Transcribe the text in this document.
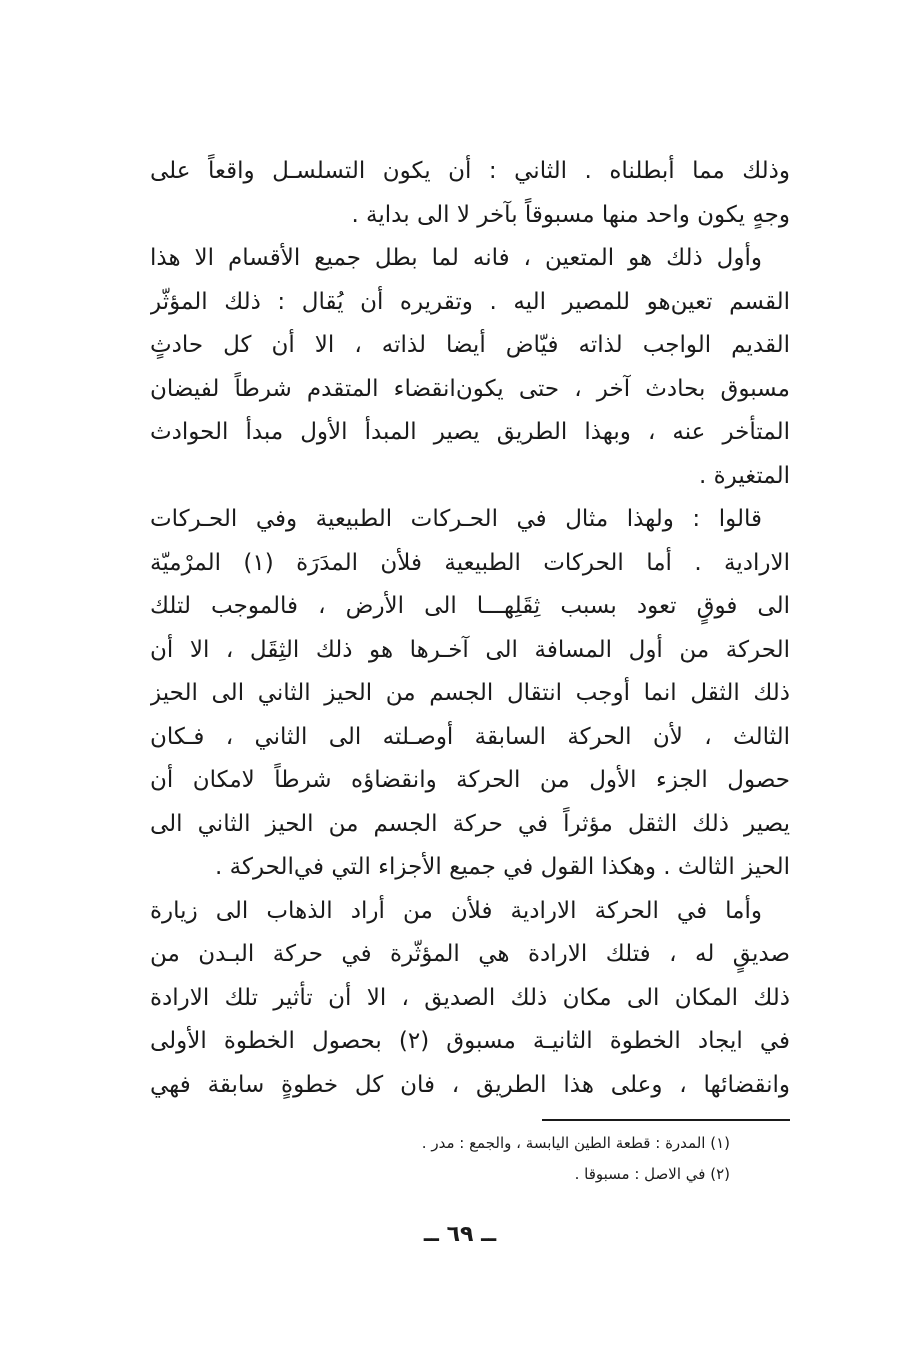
وذلك مما أبطلناه . الثاني : أن يكون التسلسـل واقعاً على
وجهٍ يكون واحد منها مسبوقاً بآخر لا الى بداية .
وأول ذلك هو المتعين ، فانه لما بطل جميع الأقسام الا هذا
القسم تعين‌هو للمصير اليه . وتقريره أن يُقال : ذلك المؤثّر
القديم الواجب لذاته فيّاض أيضا لذاته ، الا أن كل حادثٍ
مسبوق بحادث آخر ، حتى يكون‌انقضاء المتقدم شرطاً لفيضان
المتأخر عنه ، وبهذا الطريق يصير المبدأ الأول مبدأ الحوادث
المتغيرة .
قالوا : ولهذا مثال في الحـركات الطبيعية وفي الحـركات
الارادية . أما الحركات الطبيعية فلأن المدَرَة (١) المرْميّة
الى فوقٍ تعود بسبب ثِقَلِهـــا الى الأرض ، فالموجب لتلك
الحركة من أول المسافة الى آخـرها هو ذلك الثِقَل ، الا أن
ذلك الثقل انما أوجب انتقال الجسم من الحيز الثاني الى الحيز
الثالث ، لأن الحركة السابقة أوصـلته الى الثاني ، فـكان
حصول الجزء الأول من الحركة وانقضاؤه شرطاً لامكان أن
يصير ذلك الثقل مؤثراً في حركة الجسم من الحيز الثاني الى
الحيز الثالث . وهكذا القول في جميع الأجزاء التي في‌الحركة .
وأما في الحركة الارادية فلأن من أراد الذهاب الى زيارة
صديقٍ له ، فتلك الارادة هي المؤثّرة في حركة البـدن من
ذلك المكان الى مكان ذلك الصديق ، الا أن تأثير تلك الارادة
في ايجاد الخطوة الثانيـة مسبوق (٢) بحصول الخطوة الأولى
وانقضائها ، وعلى هذا الطريق ، فان كل خطوةٍ سابقة فهي
(١) المدرة : قطعة الطين اليابسة ، والجمع : مدر .
(٢) في الاصل : مسبوقا .
ــ ٦٩ ــ
